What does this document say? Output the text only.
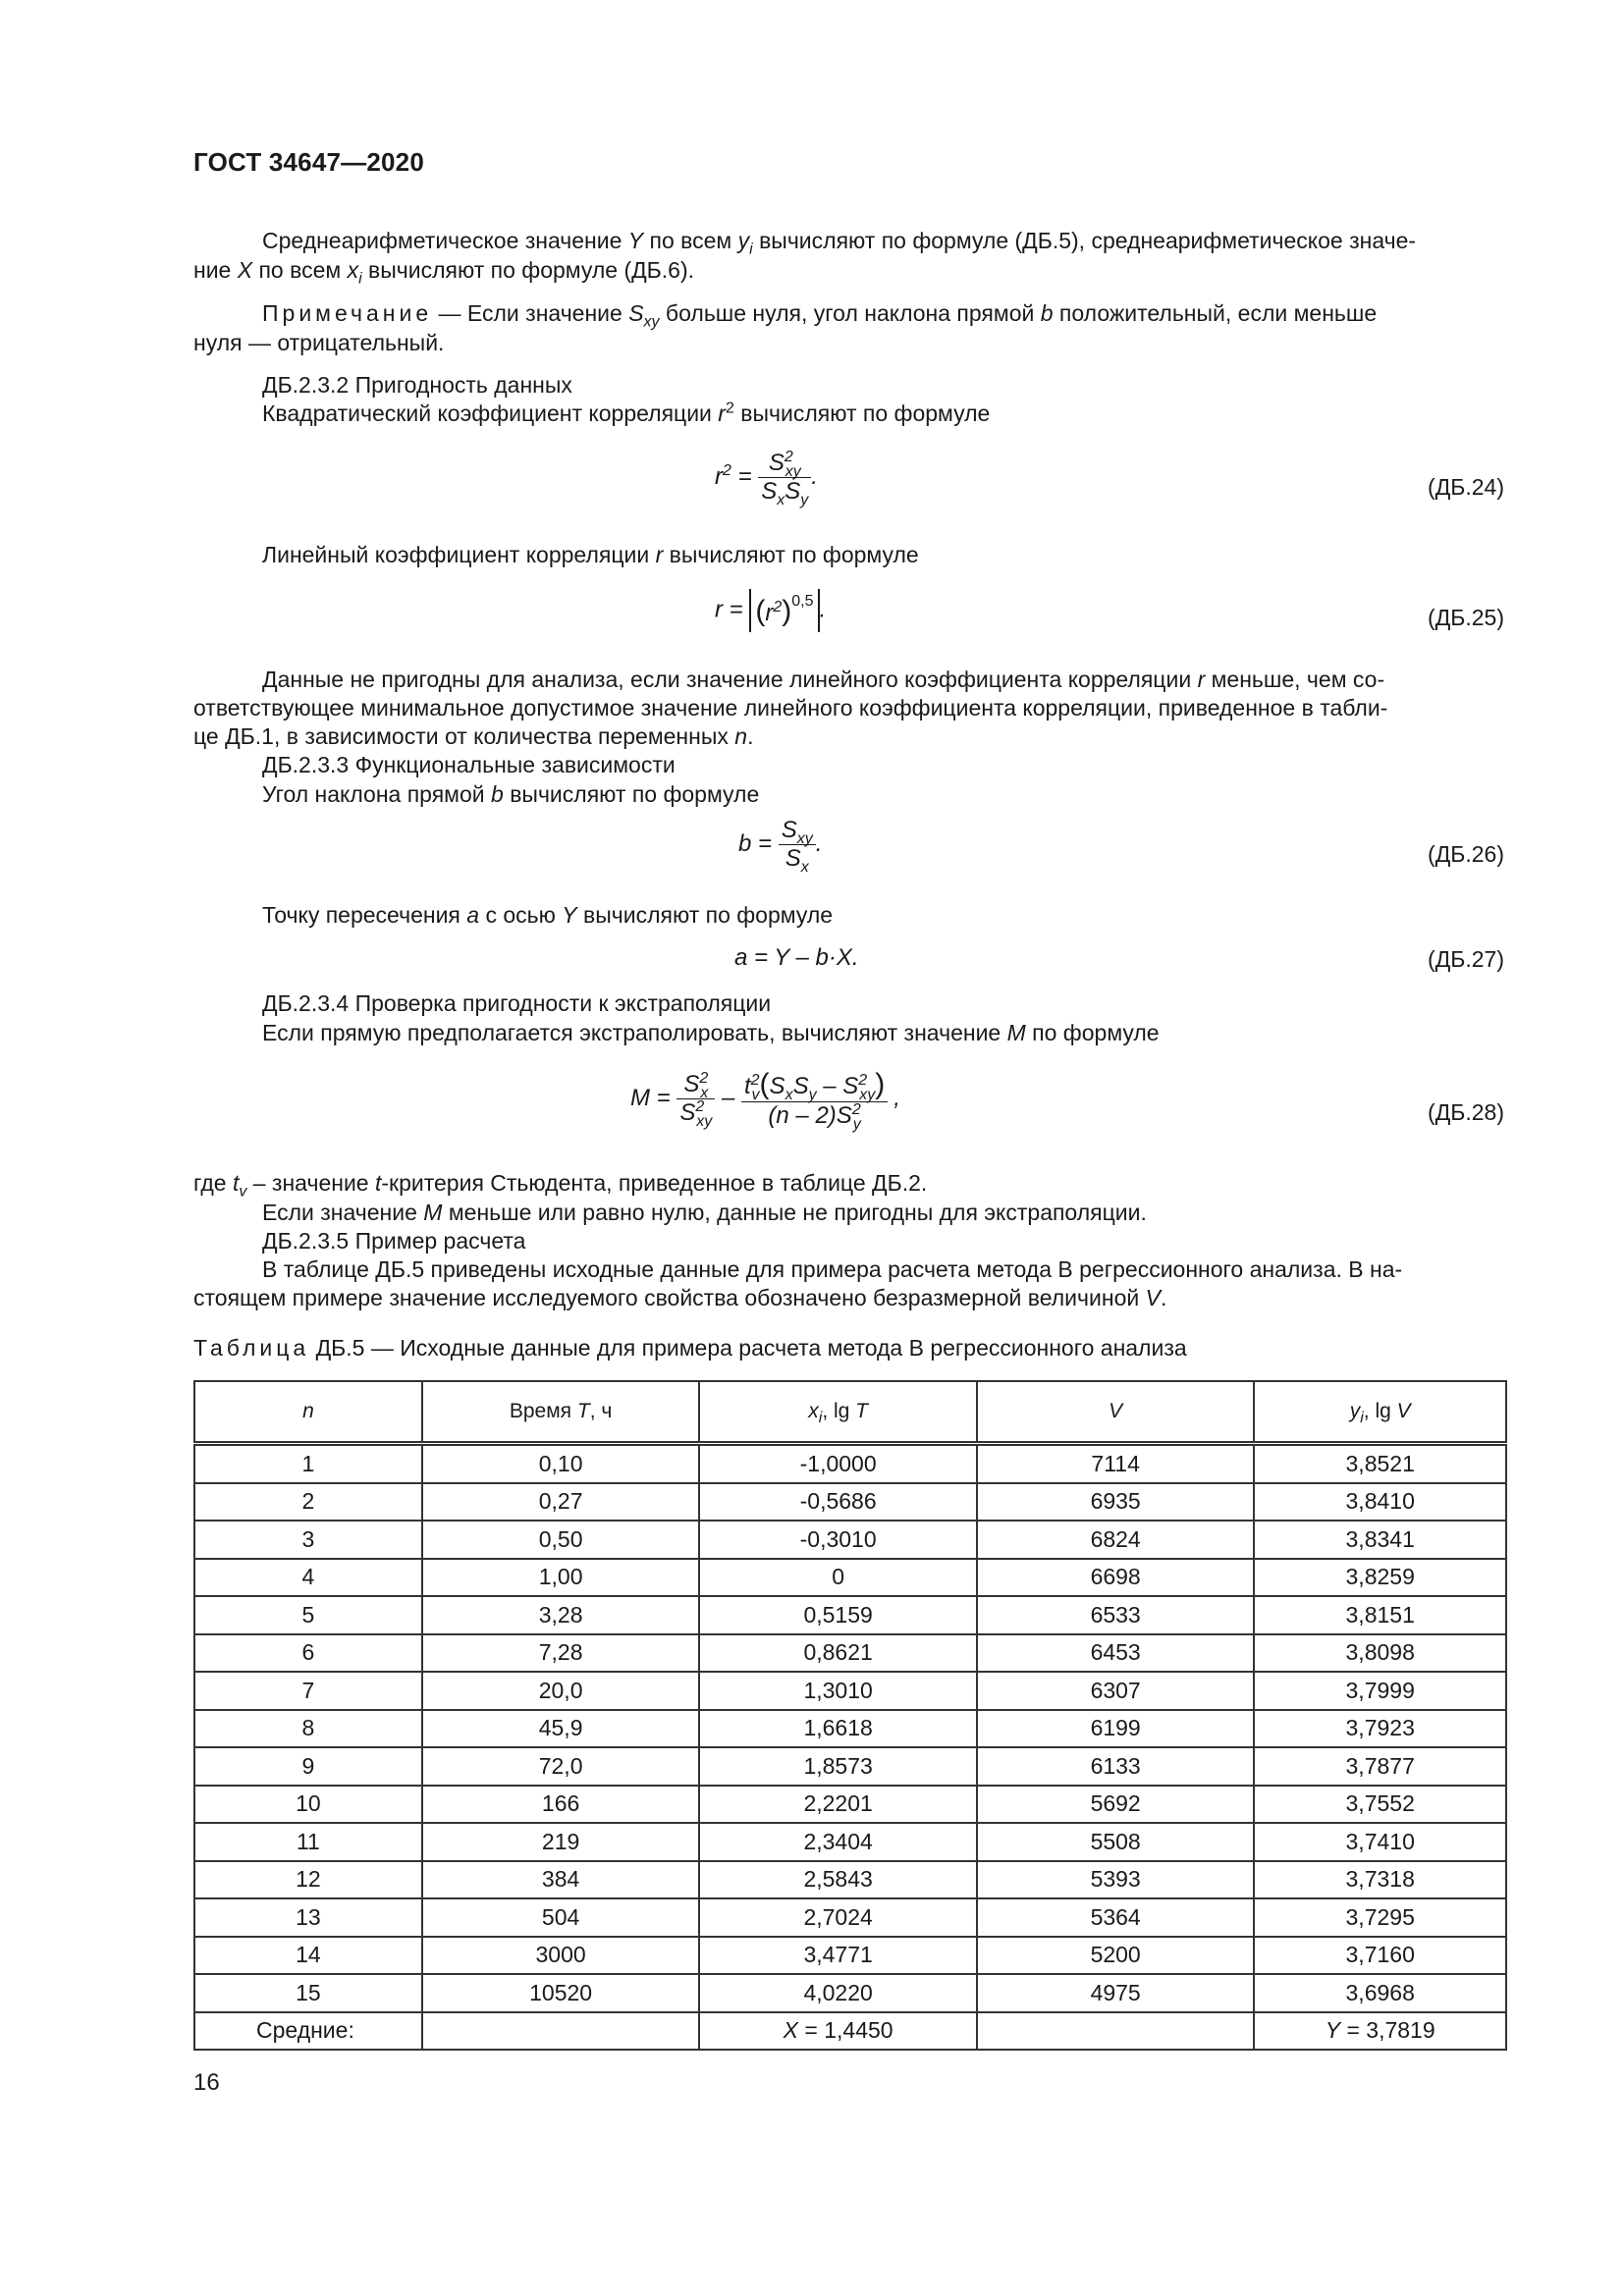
ГОСТ 34647—2020
Среднеарифметическое значение Y по всем $y_i$ вычисляют по формуле (ДБ.5), среднеарифметическое значе-
ние X по всем $x_i$ вычисляют по формуле (ДБ.6).
Примечание — Если значение $S_{xy}$ больше нуля, угол наклона прямой b положительный, если меньше
нуля — отрицательный.
ДБ.2.3.2 Пригодность данных
Квадратический коэффициент корреляции $r^2$ вычисляют по формуле
$r^2 = \frac{S^2_{xy}}{S_xS_y}$ .	(ДБ.24)
Линейный коэффициент корреляции r вычисляют по формуле
$r = (r^2)^{0,5}$ .	(ДБ.25)
Данные не пригодны для анализа, если значение линейного коэффициента корреляции r меньше, чем со-
ответствующее минимальное допустимое значение линейного коэффициента корреляции, приведенное в табли-
це ДБ.1, в зависимости от количества переменных n.
ДБ.2.3.3 Функциональные зависимости
Угол наклона прямой b вычисляют по формуле
$b = \frac{S_{xy}}{S_x}$ .	(ДБ.26)
Точку пересечения a с осью Y вычисляют по формуле
a = Y – b·X.	(ДБ.27)
ДБ.2.3.4 Проверка пригодности к экстраполяции
Если прямую предполагается экстраполировать, вычисляют значение M по формуле
$M = \frac{S^2_x}{S^2_{xy}} - \frac{t^2_v(S_xS_y - S^2_{xy})}{(n - 2)S^2_y}$ ,
(ДБ.28)
где $t_v$ – значение t-критерия Стьюдента, приведенное в таблице ДБ.2.
Если значение M меньше или равно нулю, данные не пригодны для экстраполяции.
ДБ.2.3.5 Пример расчета
В таблице ДБ.5 приведены исходные данные для примера расчета метода В регрессионного анализа. В на-
стоящем примере значение исследуемого свойства обозначено безразмерной величиной V.
Таблица ДБ.5 — Исходные данные для примера расчета метода В регрессионного анализа
n	Время T, ч	$x_i$, lg T	V	$y_i$, lg V
1	0,10	-1,0000	7114	3,8521
2	0,27	-0,5686	6935	3,8410
3	0,50	-0,3010	6824	3,8341
4	1,00	0	6698	3,8259
5	3,28	0,5159	6533	3,8151
6	7,28	0,8621	6453	3,8098
7	20,0	1,3010	6307	3,7999
8	45,9	1,6618	6199	3,7923
9	72,0	1,8573	6133	3,7877
10	166	2,2201	5692	3,7552
11	219	2,3404	5508	3,7410
12	384	2,5843	5393	3,7318
13	504	2,7024	5364	3,7295
14	3000	3,4771	5200	3,7160
15	10520	4,0220	4975	3,6968
Средние:		X = 1,4450		Y = 3,7819
16
